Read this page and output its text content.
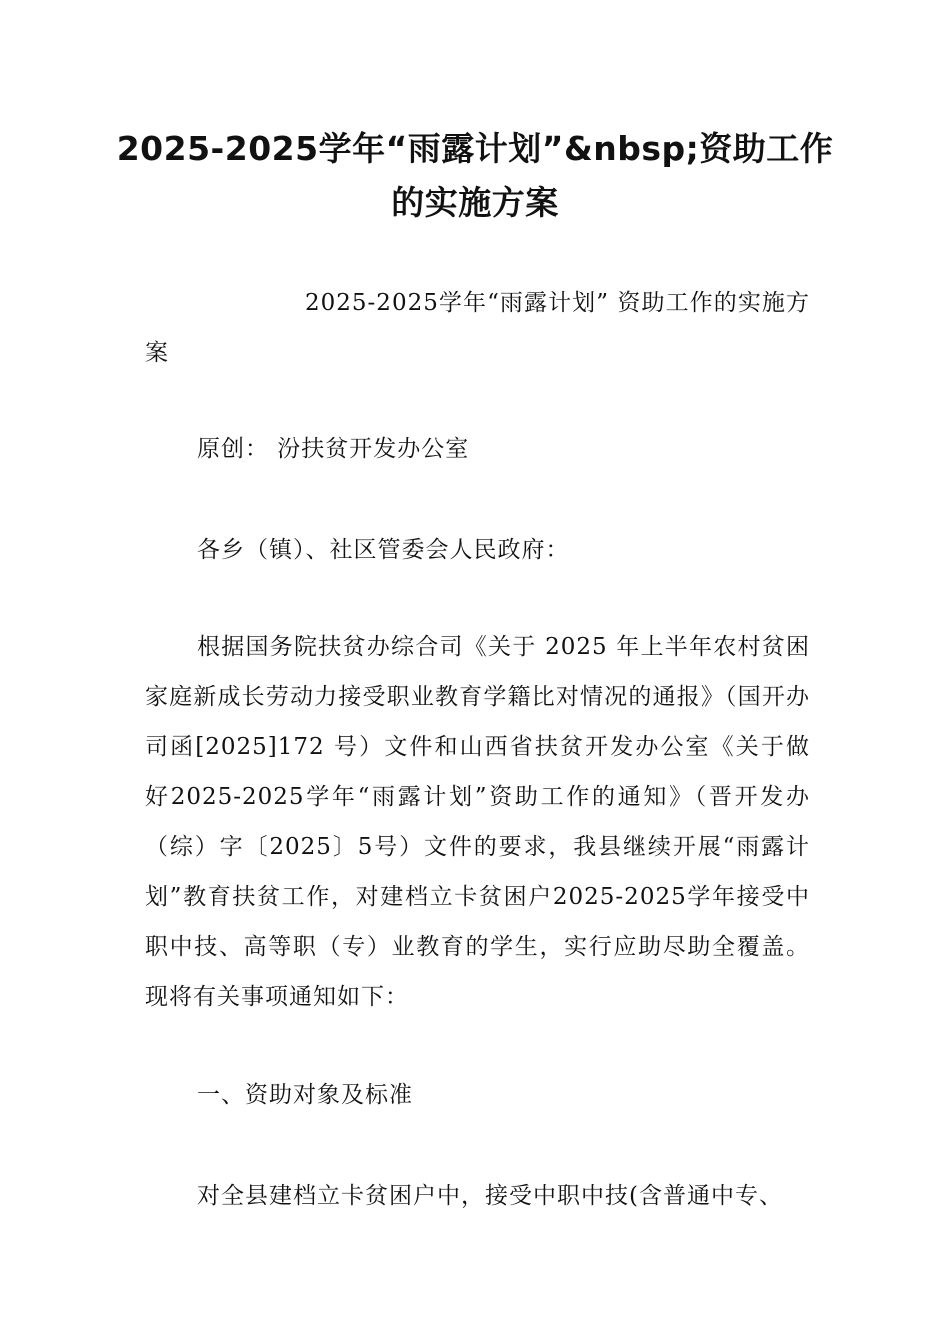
2025-2025学年“雨露计划”&nbsp;资助工作的实施方案
2025-2025学年“雨露计划” 资助工作的实施方案
原创： 汾扶贫开发办公室
各乡（镇）、社区管委会人民政府：
根据国务院扶贫办综合司《关于 2025 年上半年农村贫困家庭新成长劳动力接受职业教育学籍比对情况的通报》（国开办司函[2025]172 号）文件和山西省扶贫开发办公室《关于做好2025-2025学年“雨露计划”资助工作的通知》（晋开发办（综）字〔2025〕5号）文件的要求，我县继续开展“雨露计划”教育扶贫工作，对建档立卡贫困户2025-2025学年接受中职中技、高等职（专）业教育的学生，实行应助尽助全覆盖。现将有关事项通知如下：
一、资助对象及标准
对全县建档立卡贫困户中，接受中职中技(含普通中专、
